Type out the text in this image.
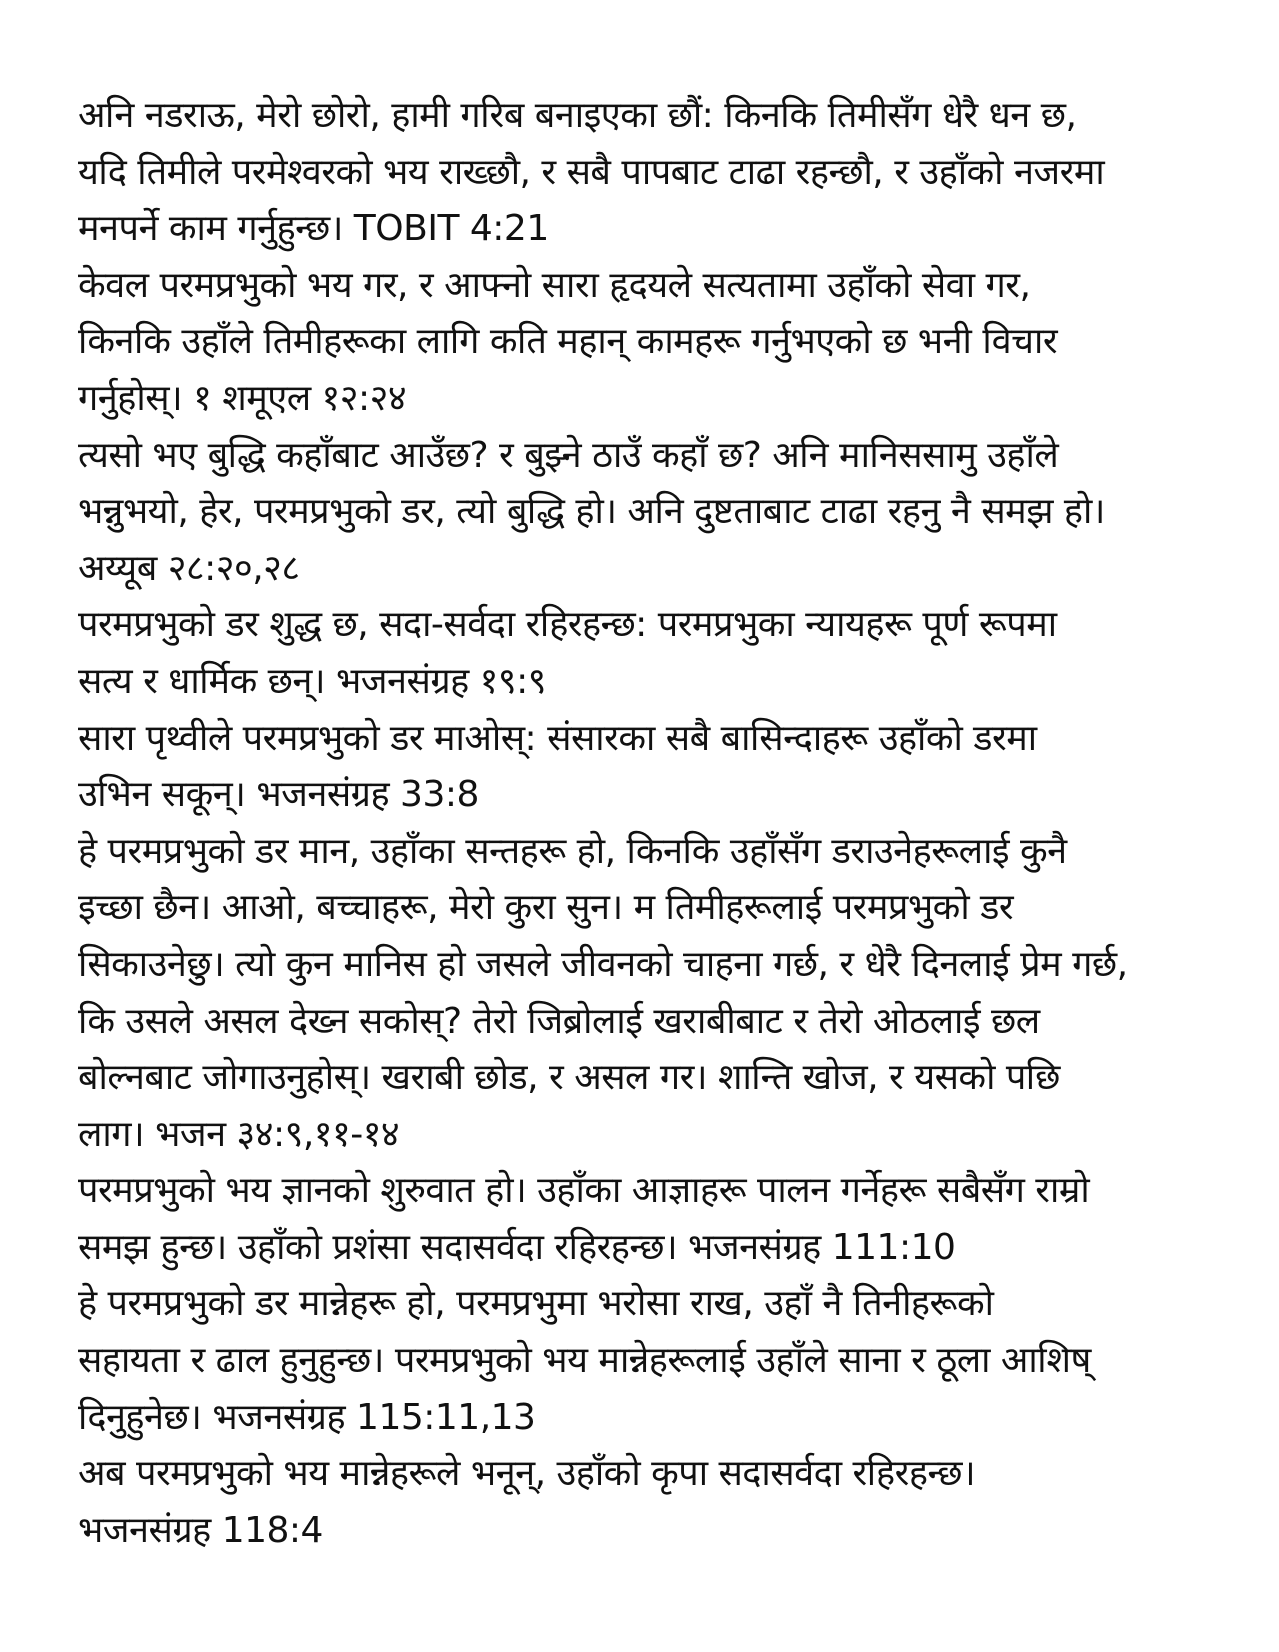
अनि नडराऊ, मेरो छोरो, हामी गरिब बनाइएका छौं: किनकि तिमीसँग धेरै धन छ,
यदि तिमीले परमेश्वरको भय राख्छौ, र सबै पापबाट टाढा रहन्छौ, र उहाँको नजरमा
मनपर्ने काम गर्नुहुन्छ। TOBIT 4:21
केवल परमप्रभुको भय गर, र आफ्नो सारा हृदयले सत्यतामा उहाँको सेवा गर,
किनकि उहाँले तिमीहरूका लागि कति महान् कामहरू गर्नुभएको छ भनी विचार
गर्नुहोस्। १ शमूएल १२:२४
त्यसो भए बुद्धि कहाँबाट आउँछ? र बुझ्ने ठाउँ कहाँ छ? अनि मानिससामु उहाँले
भन्नुभयो, हेर, परमप्रभुको डर, त्यो बुद्धि हो। अनि दुष्टताबाट टाढा रहनु नै समझ हो।
अय्यूब २८:२०,२८
परमप्रभुको डर शुद्ध छ, सदा-सर्वदा रहिरहन्छ: परमप्रभुका न्यायहरू पूर्ण रूपमा
सत्य र धार्मिक छन्। भजनसंग्रह १९:९
सारा पृथ्वीले परमप्रभुको डर माओस्: संसारका सबै बासिन्दाहरू उहाँको डरमा
उभिन सकून्। भजनसंग्रह 33:8
हे परमप्रभुको डर मान, उहाँका सन्तहरू हो, किनकि उहाँसँग डराउनेहरूलाई कुनै
इच्छा छैन। आओ, बच्चाहरू, मेरो कुरा सुन। म तिमीहरूलाई परमप्रभुको डर
सिकाउनेछु। त्यो कुन मानिस हो जसले जीवनको चाहना गर्छ, र धेरै दिनलाई प्रेम गर्छ,
कि उसले असल देख्न सकोस्? तेरो जिब्रोलाई खराबीबाट र तेरो ओठलाई छल
बोल्नबाट जोगाउनुहोस्। खराबी छोड, र असल गर। शान्ति खोज, र यसको पछि
लाग। भजन ३४:९,११-१४
परमप्रभुको भय ज्ञानको शुरुवात हो। उहाँका आज्ञाहरू पालन गर्नेहरू सबैसँग राम्रो
समझ हुन्छ। उहाँको प्रशंसा सदासर्वदा रहिरहन्छ। भजनसंग्रह 111:10
हे परमप्रभुको डर मान्नेहरू हो, परमप्रभुमा भरोसा राख, उहाँ नै तिनीहरूको
सहायता र ढाल हुनुहुन्छ। परमप्रभुको भय मान्नेहरूलाई उहाँले साना र ठूला आशिष्
दिनुहुनेछ। भजनसंग्रह 115:11,13
अब परमप्रभुको भय मान्नेहरूले भनून्, उहाँको कृपा सदासर्वदा रहिरहन्छ।
भजनसंग्रह 118:4
